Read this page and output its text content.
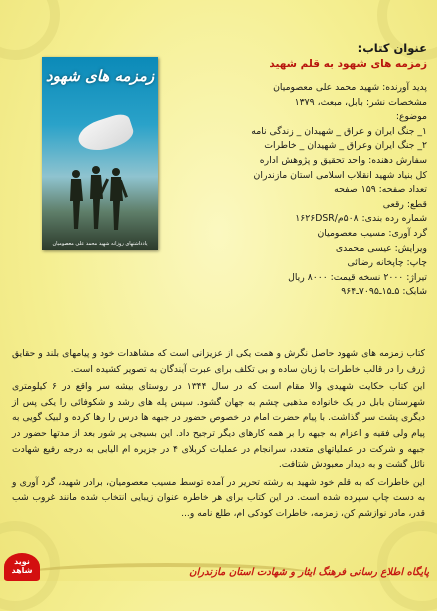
زمزمه های شهود
یادداشتهای روزانه شهید محمد علی معصومیان
عنوان کتاب:
زمزمه های شهود به قلم شهید
پدید آورنده: شهید محمد علی معصومیان
مشخصات نشر: بابل، مبعث، ۱۳۷۹
موضوع:
۱_ جنگ ایران و عراق _ شهیدان _ زندگی نامه
۲_ جنگ ایران وعراق _ شهیدان _ خاطرات
سفارش دهنده: واحد تحقیق و پژوهش اداره
کل بنیاد شهید انقلاب اسلامی استان مازندران
تعداد صفحه: ۱۵۹ صفحه
قطع: رقعی
شماره رده بندی: ۵۰۸م/۱۶۲۶DSR
گرد آوری: مسیب معصومیان
ویرایش: عیسی محمدی
چاپ: چاپخانه رضائی
تیراژ: ۲۰۰۰ نسخه قیمت: ۸۰۰۰ ریال
شابک: ۵ـ۱۵ـ۷۰۹۵ـ۹۶۴

کتاب زمزمه های شهود حاصل نگرش و همت یکی از عزیزانی است که مشاهدات خود و پیامهای بلند و حقایق ژرف را در قالب خاطرات با زبان ساده و بی تکلف برای عبرت آیندگان به تصویر کشیده است.

این کتاب حکایت شهیدی والا مقام است که در سال ۱۳۴۴ در روستای بیشه سر واقع در ۶ کیلومتری شهرستان بابل در یک خانواده مذهبی چشم به جهان گشود. سپس پله های رشد و شکوفائی را یکی پس از دیگری پشت سر گذاشت. با پیام حضرت امام در خصوص حضور در جبهه ها درس را رها کرده و لبیک گویی به پیام ولی فقیه و اعزام به جبهه را بر همه کارهای دیگر ترجیح داد. این بسیجی پر شور بعد از مدتها حضور در جبهه و شرکت در عملیاتهای متعدد، سرانجام در عملیات کربلای ۴ در جزیره ام الیابی به درجه رفیع شهادت نائل گشت و به دیدار معبودش شتافت.

این خاطرات که به قلم خود شهید به رشته تحریر در آمده توسط مسیب معصومیان، برادر شهید، گرد آوری و به دست چاپ سپرده شده است. در این کتاب برای هر خاطره عنوان زیبایی انتخاب شده مانند غروب شب قدر، مادر نوازشم کن، زمزمه، خاطرات کودکی ام، طلع نامه و...

نوید شاهد	پایگاه اطلاع رسانی فرهنگ ایثار و شهادت استان مازندران
